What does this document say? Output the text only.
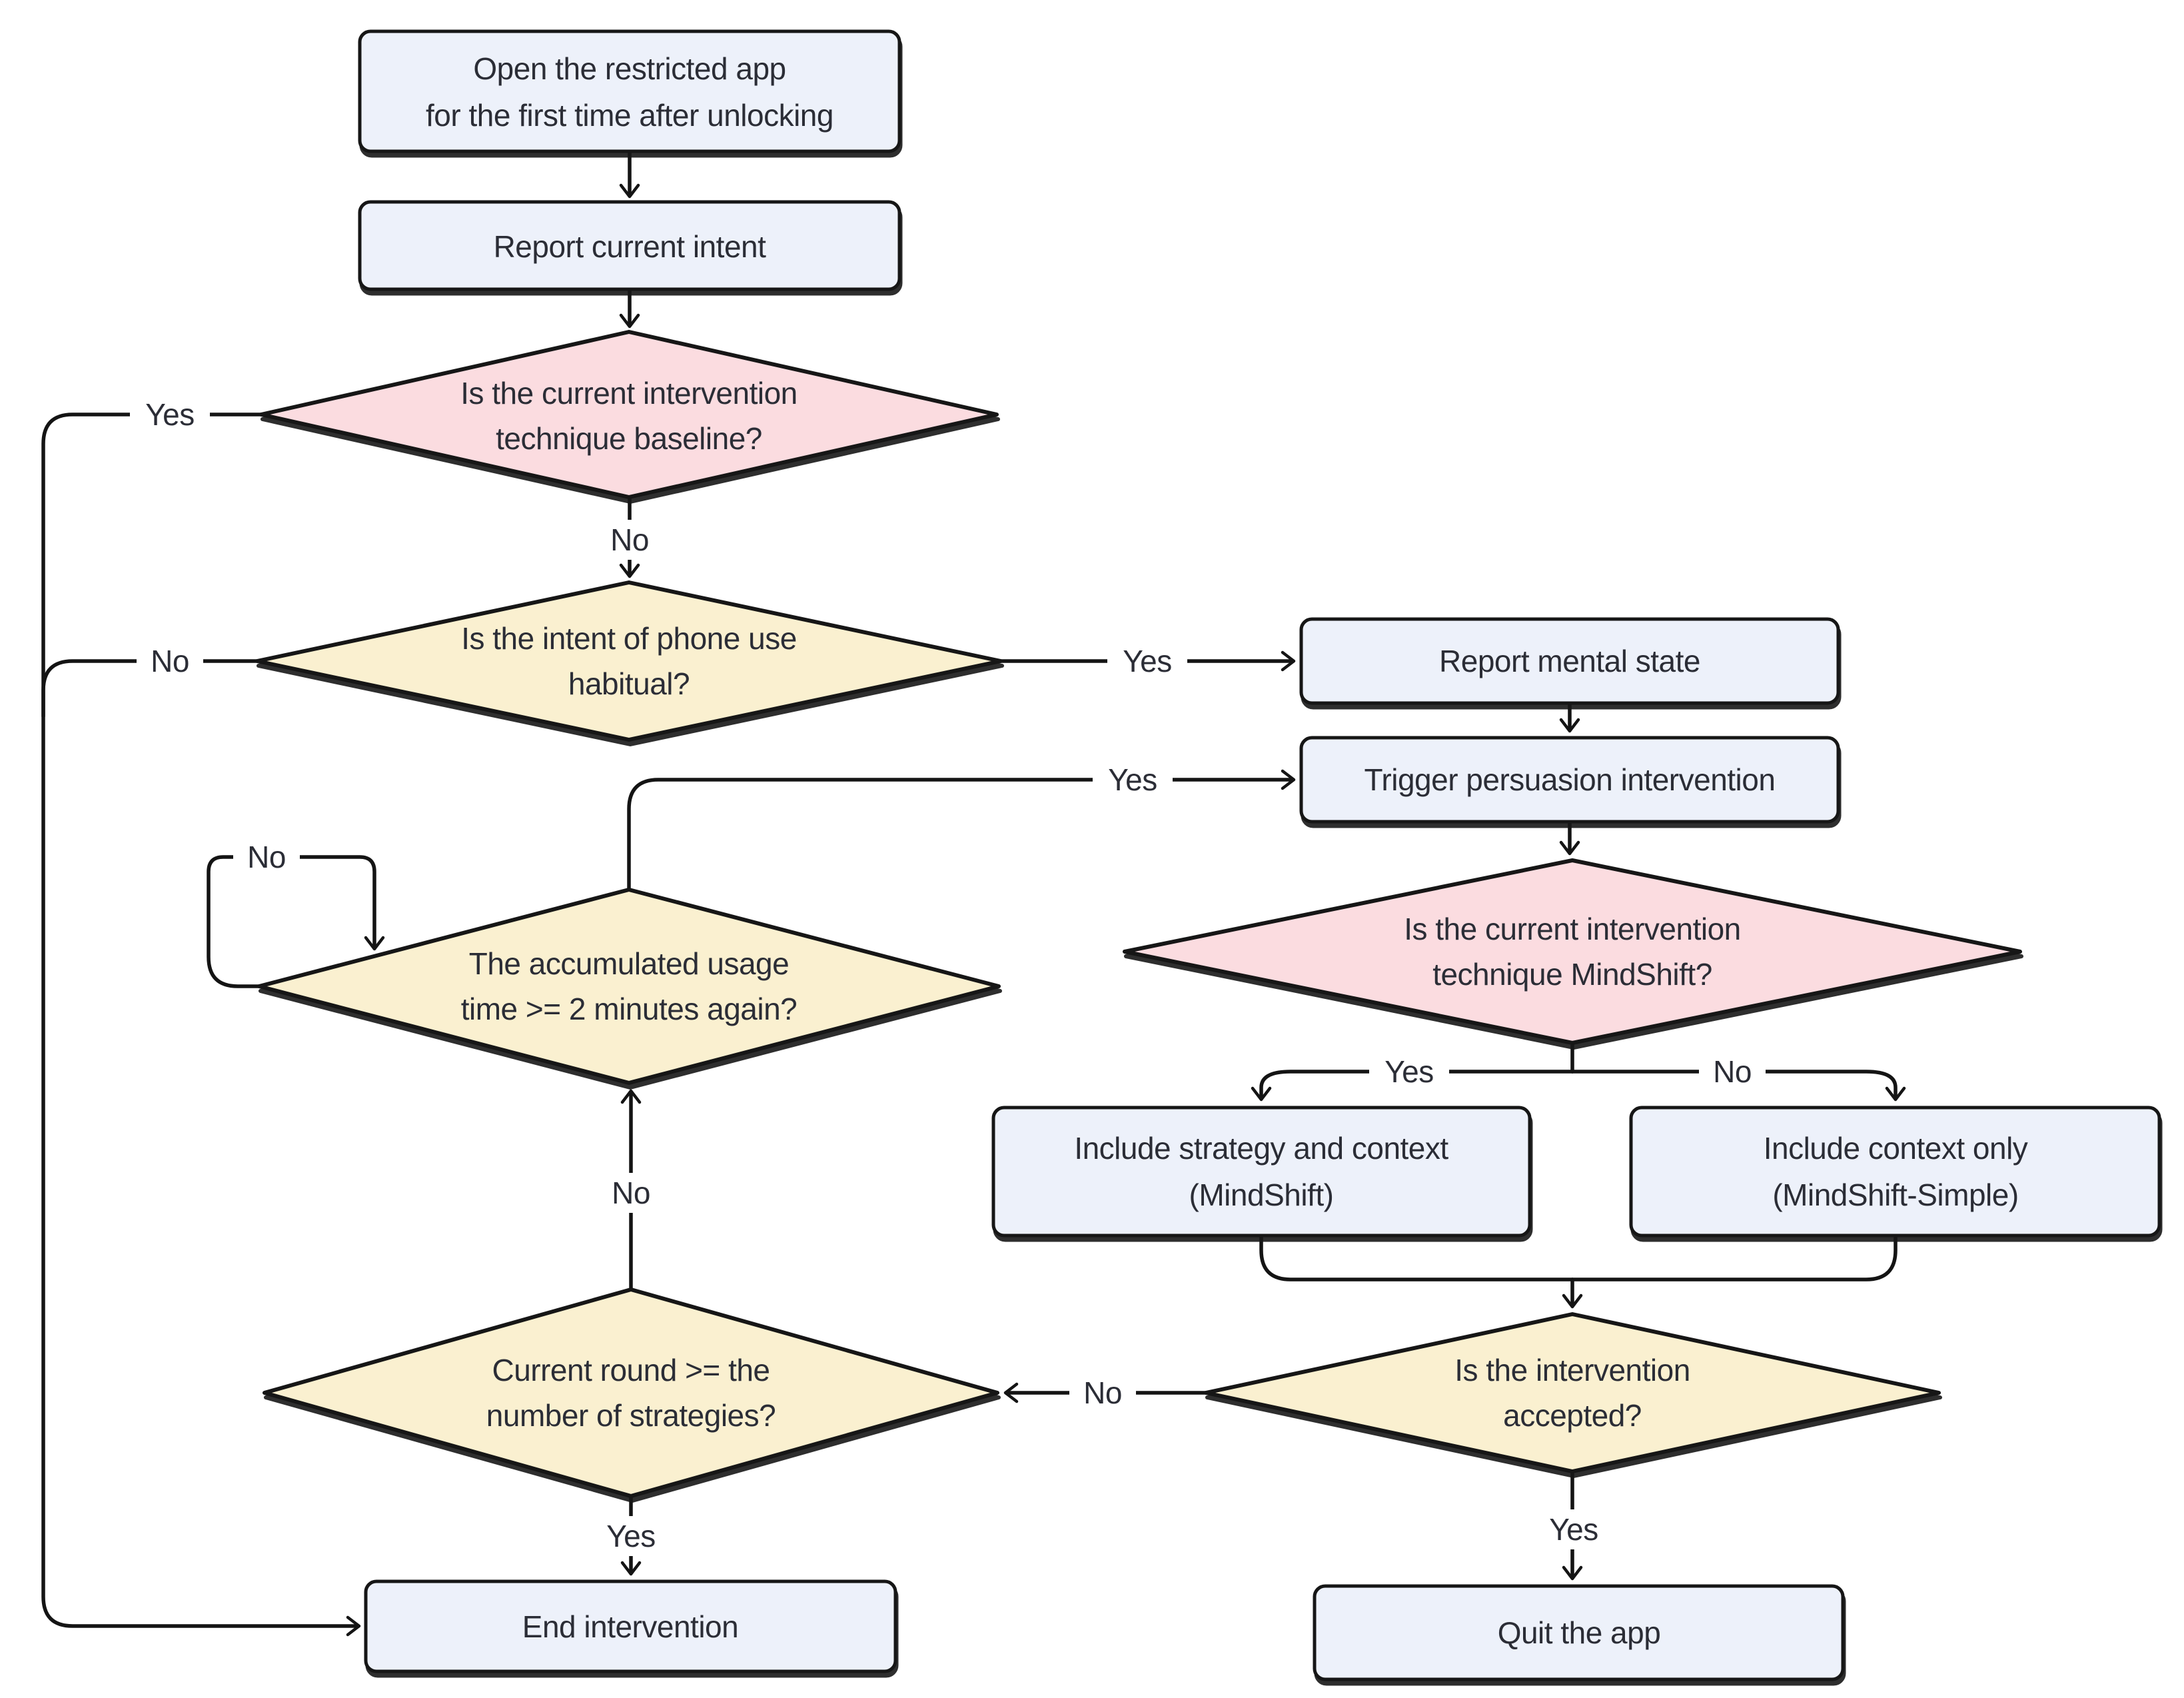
Yes
No
No	Yes
Yes
No
Yes	No
Yes
No
No
Yes
Open the restricted app
for the first time after unlocking
Report current intent
Is the current intervention
technique baseline?
Is the intent of phone use
habitual?
Report mental state
Trigger persuasion intervention
Is the current intervention
technique MindShift?
Include strategy and context
(MindShift)
Include context only
(MindShift-Simple)
The accumulated usage
time >= 2 minutes again?
Is the intervention
accepted?
Current round >= the
number of strategies?
End intervention	Quit the app
